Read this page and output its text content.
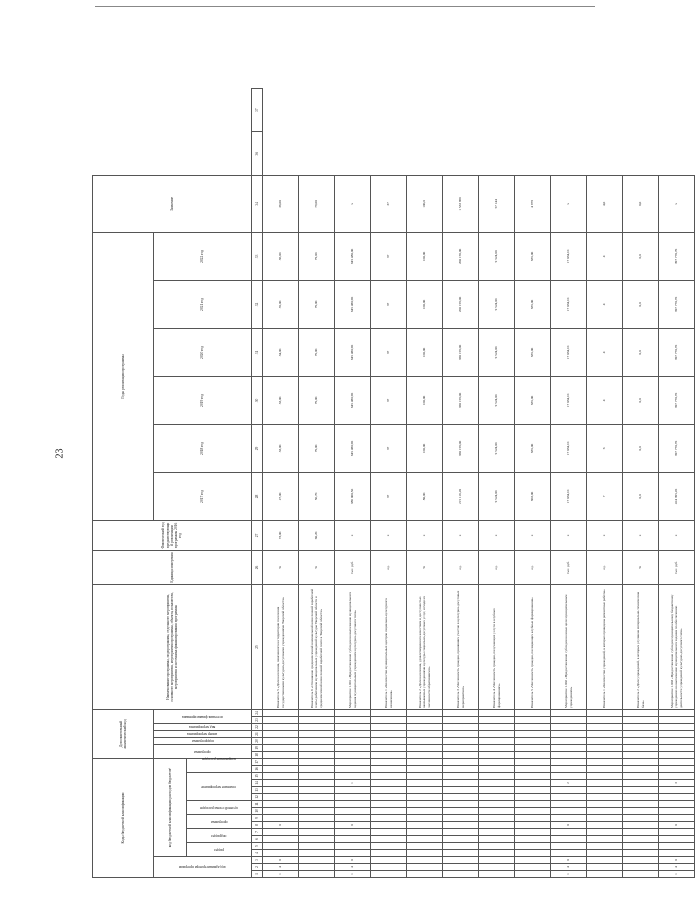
23
Коды бюджетной классификации																	Дополнительный аналитический код							Наименование программы, подпрограммы, отдельного мероприятия, основного мероприятия, мероприятия программы, объекта, показателя, мероприятия и источника финансирования программы	Единица измерения	Фактический год предшествующий реализации программы 2016 год	Годы реализации программы						Значение		

код администратора программ			код бюджетной классификации расходов бюджетов¹														программа		подпрограмма	номер мероприятия	вид мероприятия	источник финансирования					2017 год	2018 год	2019 год	2020 год	2021 год	2022 год			

			раздел		подраздел		программа		целевой статьи расходов		основное мероприятие				направление расходов																				

1	2	3	4	5	6	7	8	9	10	11	12	13	14	15	16	17	18	19	20	21	22	23	24	25	26	27	28	29	30	31	32	33	34	36	37
1	4	0					0																	Показатель 5 «Доля населения, охваченного на территории поселения государственными культурно-досуговыми учреждениями Тверской области»	%	73,00	27,00	33,00	33,00	34,00	35,00	36,00	36,00		
																								Показатель 6 «Отношение среднемесячной номинальной начисленной заработной платы работников муниципальных учреждений культуры Тверской области к среднемесячной начисленной заработной плате в Тверской области»	%	60,20	56,70	79,00	79,00	79,00	79,00	79,00	79,00		
1	4	0					0						1											Мероприятие 1.001 «Предоставление субсидии на выполнение муниципального задания муниципальным учреждением культурно-досугового типа»	тыс. руб.	х	386 000,50	645 480,90	645 480,90	645 480,90	645 480,90	645 480,00	х		
																								Показатель 1 «Количество муниципальных центров социально-культурного назначения»	ед.	х	37	37	37	37	37	37	37		
																								Показатель 2 «Доля населения, удовлетворенного качеством и доступностью оказываемых учреждениями культуры социально-досуговых услуг, исходя из численности обратившихся»	%	х	80,00	100,00	100,00	100,00	100,00	100,00	100,0		
																								Показатель 3 «Численность граждан, принявших участие в культурно-досуговых мероприятиях»	ед.	х	215 116,20	360 159,00	360 159,00	360 159,00	200 159,00	200 159,00	1 533 966		
																								Показатель 4 «Численность граждан, получающих услуги в клубных формированиях»	ед.	х	9 524,00	9 524,00	9 524,00	9 524,00	9 524,00	9 524,00	57 144		
																								Показатель 5 «Численность граждан, посещающих клубные формирования»	ед.	х	803,00	835,00	835,00	835,00	835,00	835,00	4 978		
1	4	0					0						2											Мероприятие 1.002 «Предоставление субсидии на иные цели муниципальным учреждениям»	тыс. руб.	х	17 034,10	17 034,10	17 034,10	17 034,10	17 034,10	17 034,10	х		
																								Показатель 1 «Количество учреждений, в которых проведены ремонтные работы»	ед.	х	7	6	4	4	4	4	4,0		
																								Показатель 2 «Доля учреждений, в которых улучшена материально-техническая база»	%	х	0,0	0,0	0,0	0,0	0,0	0,0	0,0		
1	4	0					0						3											Мероприятие 1.003 «Предоставление субсидии муниципальному бюджетному учреждению на выполнение муниципального задания по обеспечению деятельности учреждений культурно-досугового типа»	тыс. руб.	х	414 395,20	397 770,70	397 770,70	397 770,70	397 770,70	397 770,70	х		
